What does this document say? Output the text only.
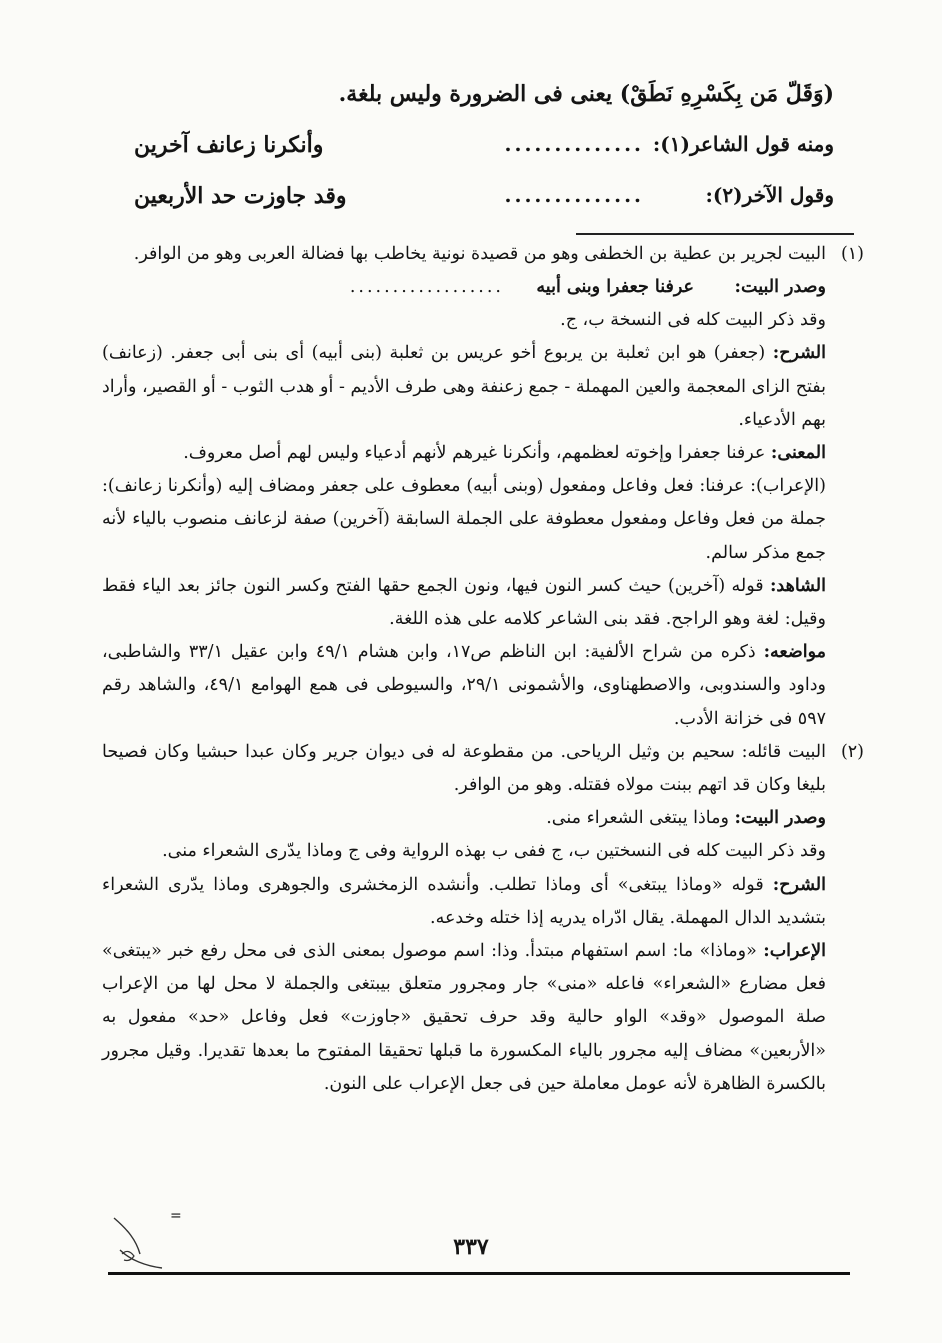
(وَقَلّ مَن بِكَسْرِهِ نَطَقْ) يعنى فى الضرورة وليس بلغة.
ومنه قول الشاعر(١):
..............
وأنكرنا زعانف آخرين
وقول الآخر(٢):
..............
وقد جاوزت حد الأربعين

(١)
البيت لجرير بن عطية بن الخطفى وهو من قصيدة نونية يخاطب بها فضالة العربى وهو من الوافر.

وصدر البيت:
عرفنا جعفرا وبنى أبيه
..................

وقد ذكر البيت كله فى النسخة ب، ج.

الشرح: (جعفر) هو ابن ثعلبة بن يربوع أخو عريس بن ثعلبة (بنى أبيه) أى بنى أبى جعفر. (زعانف) بفتح الزاى المعجمة والعين المهملة - جمع زعنفة وهى طرف الأديم - أو هدب الثوب - أو القصير، وأراد بهم الأدعياء.

المعنى: عرفنا جعفرا وإخوته لعظمهم، وأنكرنا غيرهم لأنهم أدعياء وليس لهم أصل معروف.

(الإعراب): عرفنا: فعل وفاعل ومفعول (وبنى أبيه) معطوف على جعفر ومضاف إليه (وأنكرنا زعانف): جملة من فعل وفاعل ومفعول معطوفة على الجملة السابقة (آخرين) صفة لزعانف منصوب بالياء لأنه جمع مذكر سالم.

الشاهد: قوله (آخرين) حيث كسر النون فيها، ونون الجمع حقها الفتح وكسر النون جائز بعد الياء فقط وقيل: لغة وهو الراجح. فقد بنى الشاعر كلامه على هذه اللغة.

مواضعه: ذكره من شراح الألفية: ابن الناظم ص١٧، وابن هشام ٤٩/١ وابن عقيل ٣٣/١ والشاطبى، وداود والسندوبى، والاصطهناوى، والأشمونى ٢٩/١، والسيوطى فى همع الهوامع ٤٩/١، والشاهد رقم ٥٩٧ فى خزانة الأدب.

(٢)
البيت قائله: سحيم بن وثيل الرياحى. من مقطوعة له فى ديوان جرير وكان عبدا حبشيا وكان فصيحا بليغا وكان قد اتهم ببنت مولاه فقتله. وهو من الوافر.

وصدر البيت: وماذا يبتغى الشعراء منى.

وقد ذكر البيت كله فى النسختين ب، ج ففى ب بهذه الرواية وفى ج وماذا يدّرى الشعراء منى.

الشرح: قوله «وماذا يبتغى» أى وماذا تطلب. وأنشده الزمخشرى والجوهرى وماذا يدّرى الشعراء بتشديد الدال المهملة. يقال ادّراه يدريه إذا ختله وخدعه.

الإعراب: «وماذا» ما: اسم استفهام مبتدأ. وذا: اسم موصول بمعنى الذى فى محل رفع خبر «يبتغى» فعل مضارع «الشعراء» فاعله «منى» جار ومجرور متعلق بيبتغى والجملة لا محل لها من الإعراب صلة الموصول «وقد» الواو حالية وقد حرف تحقيق «جاوزت» فعل وفاعل «حد» مفعول به «الأربعين» مضاف إليه مجرور بالياء المكسورة ما قبلها تحقيقا المفتوح ما بعدها تقديرا. وقيل مجرور بالكسرة الظاهرة لأنه عومل معاملة حين فى جعل الإعراب على النون.

=
٣٣٧
